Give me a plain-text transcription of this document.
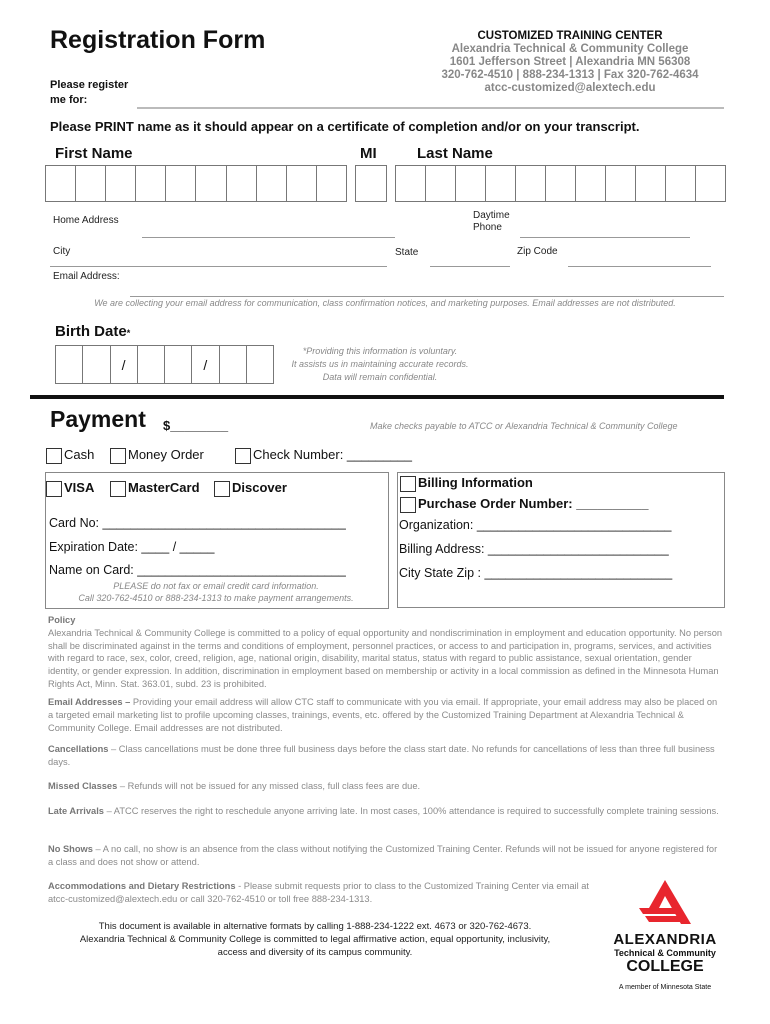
Registration Form	CUSTOMIZED TRAINING CENTER
Alexandria Technical & Community College
1601 Jefferson Street | Alexandria MN 56308
320-762-4510 | 888-234-1313 | Fax 320-762-4634
atcc-customized@alextech.edu
Please register
me for:
Please PRINT name as it should appear on a certificate of completion and/or on your transcript.
First Name	MI	Last Name
Home Address	Daytime
Phone
City	State	Zip Code
Email Address:
We are collecting your email address for communication, class confirmation notices, and marketing purposes. Email addresses are not distributed.
Birth Date*
/	/
*Providing this information is voluntary.
It assists us in maintaining accurate records.
Data will remain confidential.
Payment $________	Make checks payable to ATCC or Alexandria Technical & Community College
Cash	Money Order	Check Number: _________
VISA	MasterCard	Discover
Card No: ___________________________________
Expiration Date: ____ / _____
Name on Card: ______________________________
PLEASE do not fax or email credit card information.
Call 320-762-4510 or 888-234-1313 to make payment arrangements.
Billing Information
Purchase Order Number: __________
Organization: ____________________________
Billing Address: __________________________
City State Zip : ___________________________
Policy
Alexandria Technical & Community College is committed to a policy of equal opportunity and nondiscrimination in employment and education opportunity. No person shall be discriminated against in the terms and conditions of employment, personnel practices, or access to and participation in, programs, services, and activities with regard to race, sex, color, creed, religion, age, national origin, disability, marital status, status with regard to public assistance, sexual orientation, gender identity, or gender expression. In addition, discrimination in employment based on membership or activity in a local commission as defined in the Minnesota Human Rights Act, Minn. Stat. 363.01, subd. 23 is prohibited.
Email Addresses – Providing your email address will allow CTC staff to communicate with you via email. If appropriate, your email address may also be placed on a targeted email marketing list to profile upcoming classes, trainings, events, etc. offered by the Customized Training Department at Alexandria Technical & Community College. Email addresses are not distributed.
Cancellations – Class cancellations must be done three full business days before the class start date. No refunds for cancellations of less than three full business days.
Missed Classes – Refunds will not be issued for any missed class, full class fees are due.
Late Arrivals – ATCC reserves the right to reschedule anyone arriving late. In most cases, 100% attendance is required to successfully complete training sessions.
No Shows – A no call, no show is an absence from the class without notifying the Customized Training Center. Refunds will not be issued for anyone registered for a class and does not show or attend.
Accommodations and Dietary Restrictions - Please submit requests prior to class to the Customized Training Center via email at atcc-customized@alextech.edu or call 320-762-4510 or toll free 888-234-1313.
This document is available in alternative formats by calling 1-888-234-1222 ext. 4673 or 320-762-4673.
Alexandria Technical & Community College is committed to legal affirmative action, equal opportunity, inclusivity,
access and diversity of its campus community.
ALEXANDRIA
Technical & Community
COLLEGE
A member of Minnesota State
